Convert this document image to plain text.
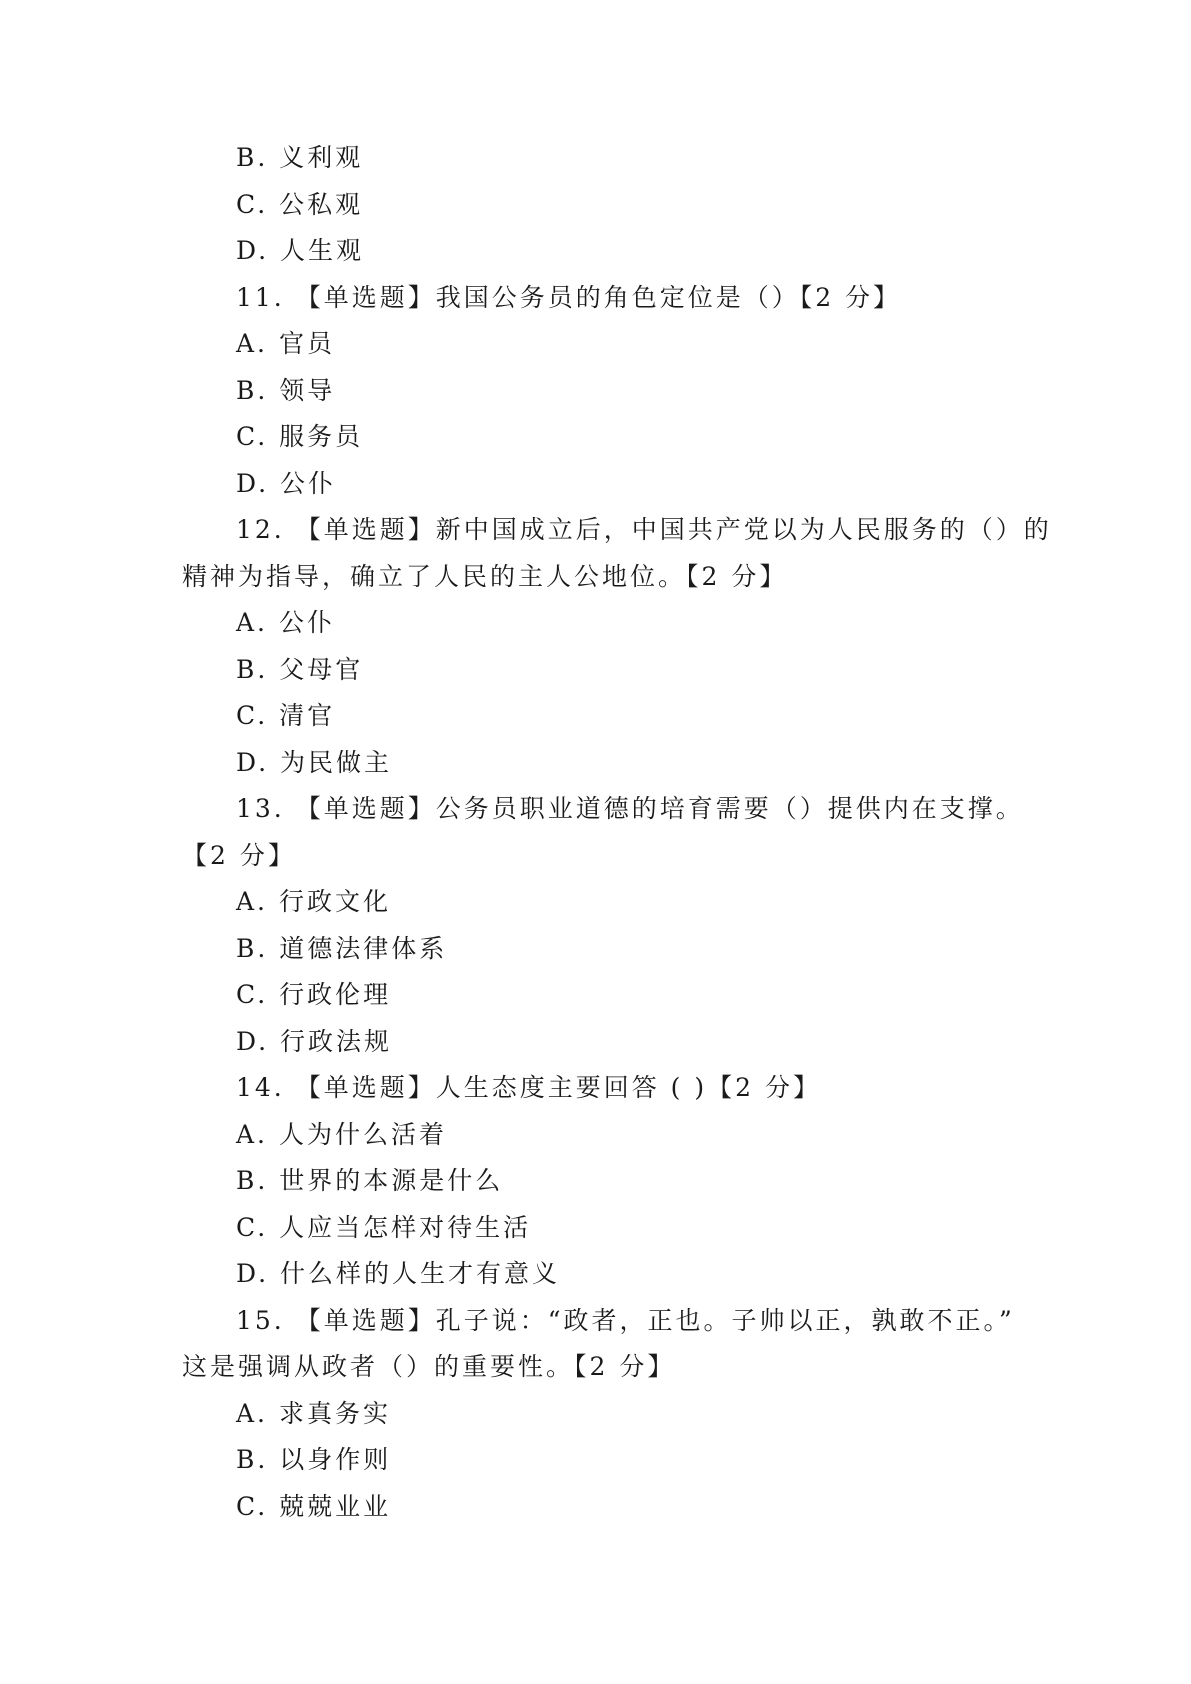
B. 义利观
C. 公私观
D. 人生观
11. 【单选题】我国公务员的角色定位是（）【2 分】
A. 官员
B. 领导
C. 服务员
D. 公仆
12. 【单选题】新中国成立后，中国共产党以为人民服务的（）的
精神为指导，确立了人民的主人公地位。【2 分】
A. 公仆
B. 父母官
C. 清官
D. 为民做主
13. 【单选题】公务员职业道德的培育需要（）提供内在支撑。
【2 分】
A. 行政文化
B. 道德法律体系
C. 行政伦理
D. 行政法规
14. 【单选题】人生态度主要回答 ( )【2 分】
A. 人为什么活着
B. 世界的本源是什么
C. 人应当怎样对待生活
D. 什么样的人生才有意义
15. 【单选题】孔子说：“政者，正也。子帅以正，孰敢不正。”
这是强调从政者（）的重要性。【2 分】
A. 求真务实
B. 以身作则
C. 兢兢业业
